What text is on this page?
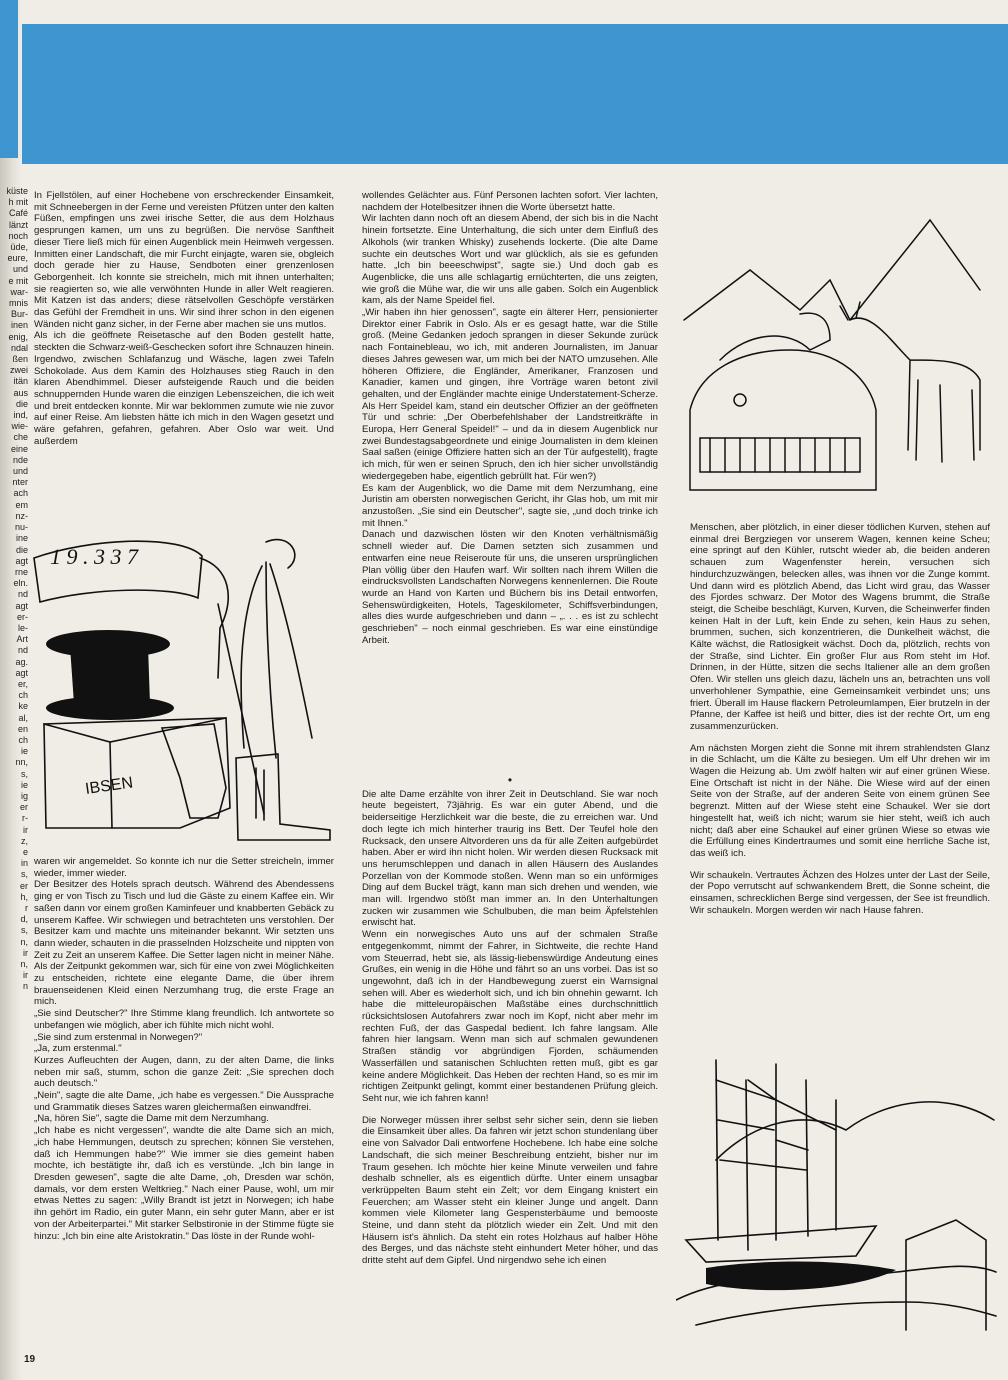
küste
h mit
Café
länzt
noch
üde,
eure,
und
e mit
war-
mnis
Bur-
inen
enig,
ndal
ßen
zwei
itän
aus
die
ind,
wie-
che
eine
nde
und
nter
ach
em
nz-
nu-
ine
die
agt
rne
eln.
nd
agt
er-
le-
Art
nd
ag.
agt
er,
ch
ke
al,
en
ch
ie
nn,
s,
ie
ig
er
r-
ir
z,
e
in
s,
er
h,
r
d,
s,
n,
ir
n,
ir
n

In Fjellstölen, auf einer Hochebene von erschreckender Einsamkeit, mit Schneebergen in der Ferne und vereisten Pfützen unter den kalten Füßen, empfingen uns zwei irische Setter, die aus dem Holzhaus gesprungen kamen, um uns zu begrüßen. Die nervöse Sanftheit dieser Tiere ließ mich für einen Augenblick mein Heimweh vergessen. Inmitten einer Landschaft, die mir Furcht einjagte, waren sie, obgleich doch gerade hier zu Hause, Sendboten einer grenzenlosen Geborgenheit. Ich konnte sie streicheln, mich mit ihnen unterhalten; sie reagierten so, wie alle verwöhnten Hunde in aller Welt reagieren. Mit Katzen ist das anders; diese rätselvollen Geschöpfe verstärken das Gefühl der Fremdheit in uns. Wir sind ihrer schon in den eigenen Wänden nicht ganz sicher, in der Ferne aber machen sie uns mutlos.

Als ich die geöffnete Reisetasche auf den Boden gestellt hatte, steckten die Schwarz-weiß-Geschecken sofort ihre Schnauzen hinein. Irgendwo, zwischen Schlafanzug und Wäsche, lagen zwei Tafeln Schokolade. Aus dem Kamin des Holzhauses stieg Rauch in den klaren Abendhimmel. Dieser aufsteigende Rauch und die beiden schnuppernden Hunde waren die einzigen Lebenszeichen, die ich weit und breit entdecken konnte. Mir war beklommen zumute wie nie zuvor auf einer Reise. Am liebsten hätte ich mich in den Wagen gesetzt und wäre gefahren, gefahren, gefahren. Aber Oslo war weit. Und außerdem

1 9 . 3 3 7
IBSEN

waren wir angemeldet. So konnte ich nur die Setter streicheln, immer wieder, immer wieder.

Der Besitzer des Hotels sprach deutsch. Während des Abendessens ging er von Tisch zu Tisch und lud die Gäste zu einem Kaffee ein. Wir saßen dann vor einem großen Kaminfeuer und knabberten Gebäck zu unserem Kaffee. Wir schwiegen und betrachteten uns verstohlen. Der Besitzer kam und machte uns miteinander bekannt. Wir setzten uns dann wieder, schauten in die prasselnden Holzscheite und nippten von Zeit zu Zeit an unserem Kaffee. Die Setter lagen nicht in meiner Nähe. Als der Zeitpunkt gekommen war, sich für eine von zwei Möglichkeiten zu entscheiden, richtete eine elegante Dame, die über ihrem brauenseidenen Kleid einen Nerzumhang trug, die erste Frage an mich.

„Sie sind Deutscher?" Ihre Stimme klang freundlich. Ich antwortete so unbefangen wie möglich, aber ich fühlte mich nicht wohl.

„Sie sind zum erstenmal in Norwegen?"

„Ja, zum erstenmal."

Kurzes Aufleuchten der Augen, dann, zu der alten Dame, die links neben mir saß, stumm, schon die ganze Zeit: „Sie sprechen doch auch deutsch."

„Nein", sagte die alte Dame, „ich habe es vergessen." Die Aussprache und Grammatik dieses Satzes waren gleichermaßen einwandfrei.

„Na, hören Sie", sagte die Dame mit dem Nerzumhang.

„Ich habe es nicht vergessen", wandte die alte Dame sich an mich, „ich habe Hemmungen, deutsch zu sprechen; können Sie verstehen, daß ich Hemmungen habe?" Wie immer sie dies gemeint haben mochte, ich bestätigte ihr, daß ich es verstünde. „Ich bin lange in Dresden gewesen", sagte die alte Dame, „oh, Dresden war schön, damals, vor dem ersten Weltkrieg." Nach einer Pause, wohl, um mir etwas Nettes zu sagen: „Willy Brandt ist jetzt in Norwegen; ich habe ihn gehört im Radio, ein guter Mann, ein sehr guter Mann, aber er ist von der Arbeiterpartei." Mit starker Selbstironie in der Stimme fügte sie hinzu: „Ich bin eine alte Aristokratin." Das löste in der Runde wohl-

wollendes Gelächter aus. Fünf Personen lachten sofort. Vier lachten, nachdem der Hotelbesitzer ihnen die Worte übersetzt hatte.

Wir lachten dann noch oft an diesem Abend, der sich bis in die Nacht hinein fortsetzte. Eine Unterhaltung, die sich unter dem Einfluß des Alkohols (wir tranken Whisky) zusehends lockerte. (Die alte Dame suchte ein deutsches Wort und war glücklich, als sie es gefunden hatte. „Ich bin beeeschwipst", sagte sie.) Und doch gab es Augenblicke, die uns alle schlagartig ernüchterten, die uns zeigten, wie groß die Mühe war, die wir uns alle gaben. Solch ein Augenblick kam, als der Name Speidel fiel.

„Wir haben ihn hier genossen", sagte ein älterer Herr, pensionierter Direktor einer Fabrik in Oslo. Als er es gesagt hatte, war die Stille groß. (Meine Gedanken jedoch sprangen in dieser Sekunde zurück nach Fontainebleau, wo ich, mit anderen Journalisten, im Januar dieses Jahres gewesen war, um mich bei der NATO umzusehen. Alle höheren Offiziere, die Engländer, Amerikaner, Franzosen und Kanadier, kamen und gingen, ihre Vorträge waren betont zivil gehalten, und der Engländer machte einige Understatement-Scherze. Als Herr Speidel kam, stand ein deutscher Offizier an der geöffneten Tür und schrie: „Der Oberbefehlshaber der Landstreitkräfte in Europa, Herr General Speidel!" – und da in diesem Augenblick nur zwei Bundestagsabgeordnete und einige Journalisten in dem kleinen Saal saßen (einige Offiziere hatten sich an der Tür aufgestellt), fragte ich mich, für wen er seinen Spruch, den ich hier sicher unvollständig wiedergegeben habe, eigentlich gebrüllt hat. Für wen?)

Es kam der Augenblick, wo die Dame mit dem Nerzumhang, eine Juristin am obersten norwegischen Gericht, ihr Glas hob, um mit mir anzustoßen. „Sie sind ein Deutscher", sagte sie, „und doch trinke ich mit Ihnen."

Danach und dazwischen lösten wir den Knoten verhältnismäßig schnell wieder auf. Die Damen setzten sich zusammen und entwarfen eine neue Reiseroute für uns, die unseren ursprünglichen Plan völlig über den Haufen warf. Wir sollten nach ihrem Willen die eindrucksvollsten Landschaften Norwegens kennenlernen. Die Route wurde an Hand von Karten und Büchern bis ins Detail entworfen, Sehenswürdigkeiten, Hotels, Tageskilometer, Schiffsverbindungen, alles dies wurde aufgeschrieben und dann – „. . . es ist zu schlecht geschrieben" – noch einmal geschrieben. Es war eine einstündige Arbeit.

•

Die alte Dame erzählte von ihrer Zeit in Deutschland. Sie war noch heute begeistert, 73jährig. Es war ein guter Abend, und die beiderseitige Herzlichkeit war die beste, die zu erreichen war. Und doch legte ich mich hinterher traurig ins Bett. Der Teufel hole den Rucksack, den unsere Altvorderen uns da für alle Zeiten aufgebürdet haben. Aber er wird ihn nicht holen. Wir werden diesen Rucksack mit uns herumschleppen und danach in allen Häusern des Auslandes Porzellan von der Kommode stoßen. Wenn man so ein unförmiges Ding auf dem Buckel trägt, kann man sich drehen und wenden, wie man will. Irgendwo stößt man immer an. In den Unterhaltungen zucken wir zusammen wie Schulbuben, die man beim Äpfelstehlen erwischt hat.

Wenn ein norwegisches Auto uns auf der schmalen Straße entgegenkommt, nimmt der Fahrer, in Sichtweite, die rechte Hand vom Steuerrad, hebt sie, als lässig-liebenswürdige Andeutung eines Grußes, ein wenig in die Höhe und fährt so an uns vorbei. Das ist so ungewohnt, daß ich in der Handbewegung zuerst ein Warnsignal sehen will. Aber es wiederholt sich, und ich bin ohnehin gewarnt. Ich habe die mitteleuropäischen Maßstäbe eines durchschnittlich rücksichtslosen Autofahrers zwar noch im Kopf, nicht aber mehr im rechten Fuß, der das Gaspedal bedient. Ich fahre langsam. Alle fahren hier langsam. Wenn man sich auf schmalen gewundenen Straßen ständig vor abgründigen Fjorden, schäumenden Wasserfällen und satanischen Schluchten retten muß, gibt es gar keine andere Möglichkeit. Das Heben der rechten Hand, so es mir im richtigen Zeitpunkt gelingt, kommt einer bestandenen Prüfung gleich. Seht nur, wie ich fahren kann!

Die Norweger müssen ihrer selbst sehr sicher sein, denn sie lieben die Einsamkeit über alles. Da fahren wir jetzt schon stundenlang über eine von Salvador Dali entworfene Hochebene. Ich habe eine solche Landschaft, die sich meiner Beschreibung entzieht, bisher nur im Traum gesehen. Ich möchte hier keine Minute verweilen und fahre deshalb schneller, als es eigentlich dürfte. Unter einem unsagbar verkrüppelten Baum steht ein Zelt; vor dem Eingang knistert ein Feuerchen; am Wasser steht ein kleiner Junge und angelt. Dann kommen viele Kilometer lang Gespensterbäume und bemooste Steine, und dann steht da plötzlich wieder ein Zelt. Und mit den Häusern ist's ähnlich. Da steht ein rotes Holzhaus auf halber Höhe des Berges, und das nächste steht einhundert Meter höher, und das dritte steht auf dem Gipfel. Und nirgendwo sehe ich einen

Menschen, aber plötzlich, in einer dieser tödlichen Kurven, stehen auf einmal drei Bergziegen vor unserem Wagen, kennen keine Scheu; eine springt auf den Kühler, rutscht wieder ab, die beiden anderen schauen zum Wagenfenster herein, versuchen sich hindurchzuzwängen, belecken alles, was ihnen vor die Zunge kommt. Und dann wird es plötzlich Abend, das Licht wird grau, das Wasser des Fjordes schwarz. Der Motor des Wagens brummt, die Straße steigt, die Scheibe beschlägt, Kurven, Kurven, die Scheinwerfer finden keinen Halt in der Luft, kein Ende zu sehen, kein Haus zu sehen, brummen, suchen, sich konzentrieren, die Dunkelheit wächst, die Kälte wächst, die Ratlosigkeit wächst. Doch da, plötzlich, rechts von der Straße, sind Lichter. Ein großer Flur aus Rom steht im Hof. Drinnen, in der Hütte, sitzen die sechs Italiener alle an dem großen Ofen. Wir stellen uns gleich dazu, lächeln uns an, betrachten uns voll unverhohlener Sympathie, eine Gemeinsamkeit verbindet uns; uns friert. Überall im Hause flackern Petroleumlampen, Eier brutzeln in der Pfanne, der Kaffee ist heiß und bitter, dies ist der rechte Ort, um eng zusammenzurücken.

Am nächsten Morgen zieht die Sonne mit ihrem strahlendsten Glanz in die Schlacht, um die Kälte zu besiegen. Um elf Uhr drehen wir im Wagen die Heizung ab. Um zwölf halten wir auf einer grünen Wiese. Eine Ortschaft ist nicht in der Nähe. Die Wiese wird auf der einen Seite von der Straße, auf der anderen Seite von einem grünen See begrenzt. Mitten auf der Wiese steht eine Schaukel. Wer sie dort hingestellt hat, weiß ich nicht; warum sie hier steht, weiß ich auch nicht; daß aber eine Schaukel auf einer grünen Wiese so etwas wie die Erfüllung eines Kindertraumes und somit eine herrliche Sache ist, das weiß ich.

Wir schaukeln. Vertrautes Ächzen des Holzes unter der Last der Seile, der Popo verrutscht auf schwankendem Brett, die Sonne scheint, die einsamen, schrecklichen Berge sind vergessen, der See ist freundlich. Wir schaukeln. Morgen werden wir nach Hause fahren.

19
